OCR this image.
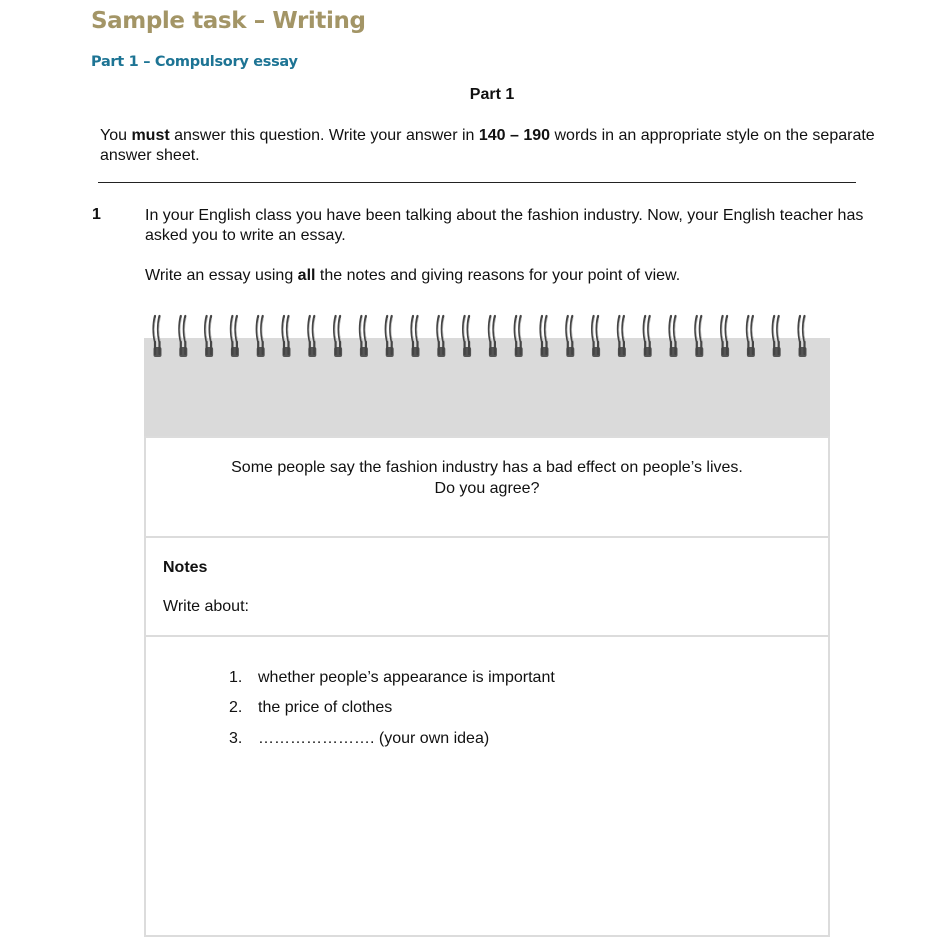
Sample task – Writing
Part 1 – Compulsory essay
Part 1
You must answer this question. Write your answer in 140 – 190 words in an appropriate style on the separate answer sheet.
1	In your English class you have been talking about the fashion industry. Now, your English teacher has asked you to write an essay.
Write an essay using all the notes and giving reasons for your point of view.
Some people say the fashion industry has a bad effect on people’s lives.
Do you agree?
Notes
Write about:
1. whether people’s appearance is important
2. the price of clothes
3. …………………. (your own idea)
